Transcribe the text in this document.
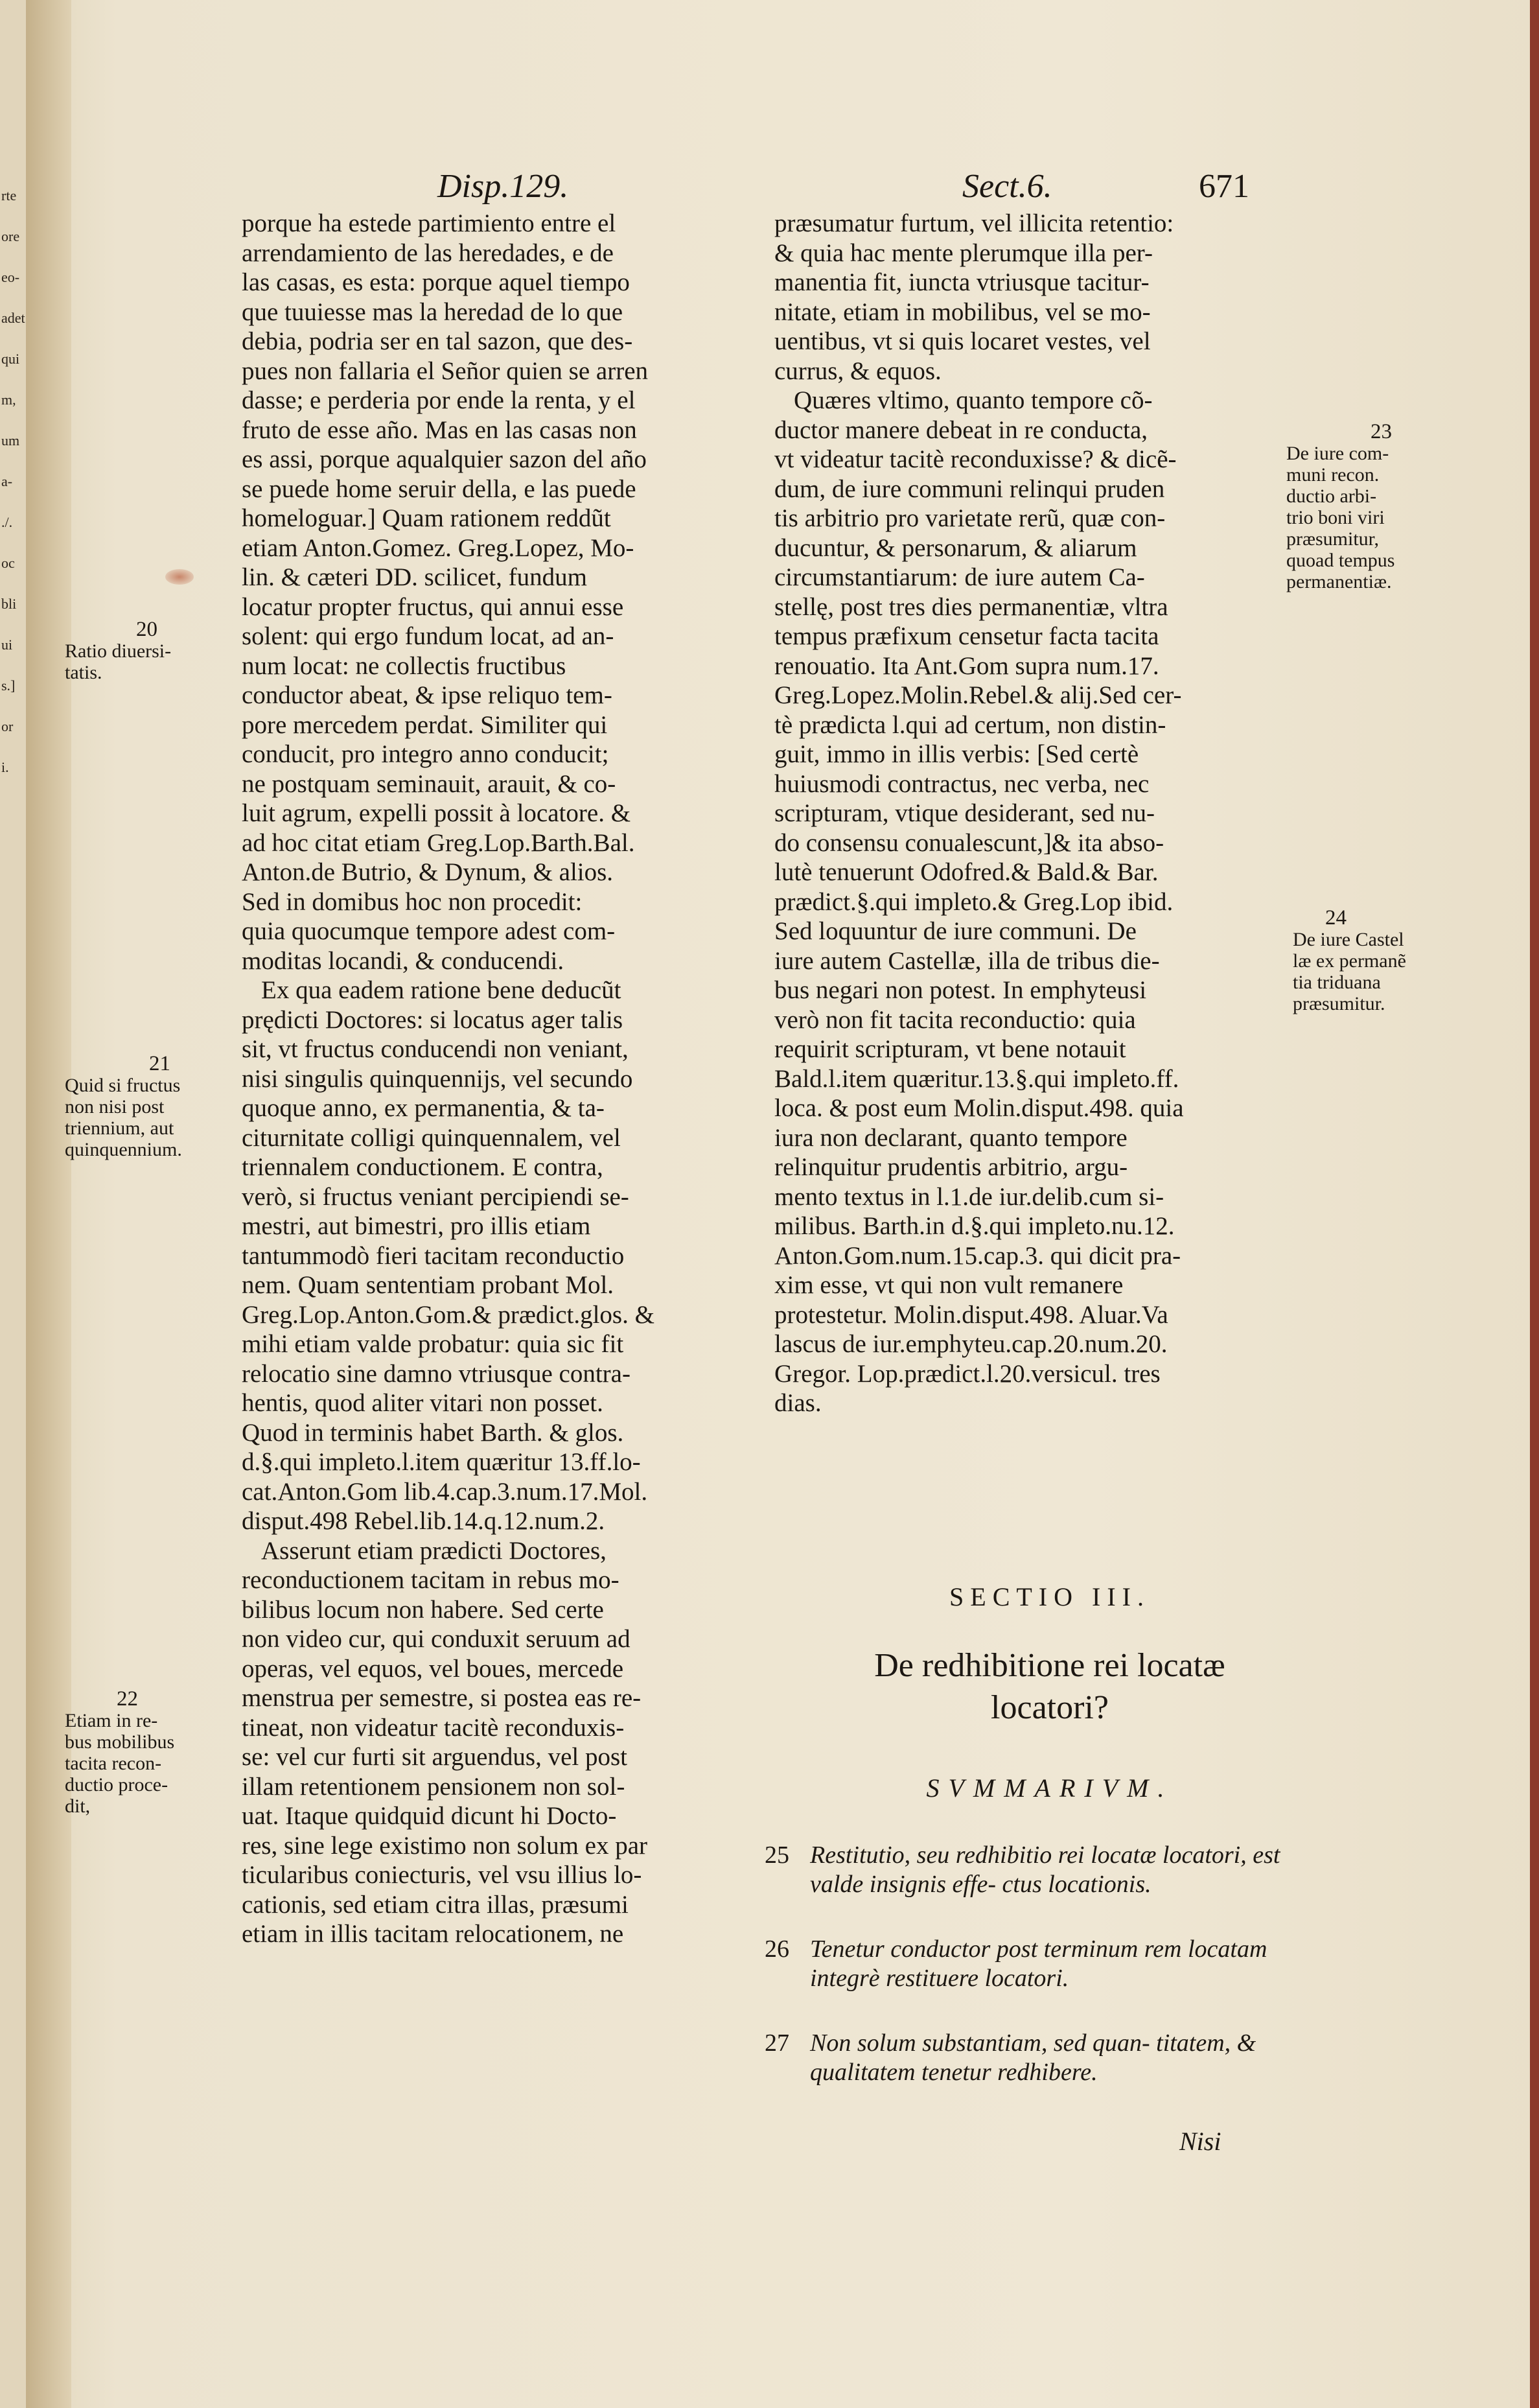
rte
ore
eo-
adet
qui
m,
um
a-
./.
oc
bli
ui
s.]
or
i.
Disp.129.	Sect.6.	671

porque ha estede partimiento entre el

arrendamiento de las heredades, e de

las casas, es esta: porque aquel tiempo

que tuuiesse mas la heredad de lo que

debia, podria ser en tal sazon, que des-

pues non fallaria el Señor quien se arren

dasse; e perderia por ende la renta, y el

fruto de esse año. Mas en las casas non

es assi, porque aqualquier sazon del año

se puede home seruir della, e las puede

homeloguar.] Quam rationem reddũt

etiam Anton.Gomez. Greg.Lopez, Mo-

lin. & cæteri DD. scilicet, fundum

locatur propter fructus, qui annui esse

solent: qui ergo fundum locat, ad an-

num locat: ne collectis fructibus

conductor abeat, & ipse reliquo tem-

pore mercedem perdat. Similiter qui

conducit, pro integro anno conducit;

ne postquam seminauit, arauit, & co-

luit agrum, expelli possit à locatore. &

ad hoc citat etiam Greg.Lop.Barth.Bal.

Anton.de Butrio, & Dynum, & alios.

Sed in domibus hoc non procedit:

quia quocumque tempore adest com-

moditas locandi, & conducendi.

Ex qua eadem ratione bene deducũt

prędicti Doctores: si locatus ager talis

sit, vt fructus conducendi non veniant,

nisi singulis quinquennijs, vel secundo

quoque anno, ex permanentia, & ta-

citurnitate colligi quinquennalem, vel

triennalem conductionem. E contra,

verò, si fructus veniant percipiendi se-

mestri, aut bimestri, pro illis etiam

tantummodò fieri tacitam reconductio

nem. Quam sententiam probant Mol.

Greg.Lop.Anton.Gom.& prædict.glos. &

mihi etiam valde probatur: quia sic fit

relocatio sine damno vtriusque contra-

hentis, quod aliter vitari non posset.

Quod in terminis habet Barth. & glos.

d.§.qui impleto.l.item quæritur 13.ff.lo-

cat.Anton.Gom lib.4.cap.3.num.17.Mol.

disput.498 Rebel.lib.14.q.12.num.2.

Asserunt etiam prædicti Doctores,

reconductionem tacitam in rebus mo-

bilibus locum non habere. Sed certe

non video cur, qui conduxit seruum ad

operas, vel equos, vel boues, mercede

menstrua per semestre, si postea eas re-

tineat, non videatur tacitè reconduxis-

se: vel cur furti sit arguendus, vel post

illam retentionem pensionem non sol-

uat. Itaque quidquid dicunt hi Docto-

res, sine lege existimo non solum ex par

ticularibus coniecturis, vel vsu illius lo-

cationis, sed etiam citra illas, præsumi

etiam in illis tacitam relocationem, ne

præsumatur furtum, vel illicita retentio:

& quia hac mente plerumque illa per-

manentia fit, iuncta vtriusque tacitur-

nitate, etiam in mobilibus, vel se mo-

uentibus, vt si quis locaret vestes, vel

currus, & equos.

Quæres vltimo, quanto tempore cõ-

ductor manere debeat in re conducta,

vt videatur tacitè reconduxisse? & dicẽ-

dum, de iure communi relinqui pruden

tis arbitrio pro varietate rerũ, quæ con-

ducuntur, & personarum, & aliarum

circumstantiarum: de iure autem Ca-

stellę, post tres dies permanentiæ, vltra

tempus præfixum censetur facta tacita

renouatio. Ita Ant.Gom supra num.17.

Greg.Lopez.Molin.Rebel.& alij.Sed cer-

tè prædicta l.qui ad certum, non distin-

guit, immo in illis verbis: [Sed certè

huiusmodi contractus, nec verba, nec

scripturam, vtique desiderant, sed nu-

do consensu conualescunt,]& ita abso-

lutè tenuerunt Odofred.& Bald.& Bar.

prædict.§.qui impleto.& Greg.Lop ibid.

Sed loquuntur de iure communi. De

iure autem Castellæ, illa de tribus die-

bus negari non potest. In emphyteusi

verò non fit tacita reconductio: quia

requirit scripturam, vt bene notauit

Bald.l.item quæritur.13.§.qui impleto.ff.

loca. & post eum Molin.disput.498. quia

iura non declarant, quanto tempore

relinquitur prudentis arbitrio, argu-

mento textus in l.1.de iur.delib.cum si-

milibus. Barth.in d.§.qui impleto.nu.12.

Anton.Gom.num.15.cap.3. qui dicit pra-

xim esse, vt qui non vult remanere

protestetur. Molin.disput.498. Aluar.Va

lascus de iur.emphyteu.cap.20.num.20.

Gregor. Lop.prædict.l.20.versicul. tres

dias.

20
Ratio diuersi-
tatis.
21
Quid si fructus
non nisi post
triennium, aut
quinquennium.
22
Etiam in re-
bus mobilibus
tacita recon-
ductio proce-
dit,
23
De iure com-
muni recon.
ductio arbi-
trio boni viri
præsumitur,
quoad tempus
permanentiæ.
24
De iure Castel
læ ex permanẽ
tia triduana
præsumitur.
SECTIO III.
De redhibitione rei locatæ
locatori?
SVMMARIVM.
25 Restitutio, seu redhibitio rei locatæ locatori, est valde insignis effe- ctus locationis.
26 Tenetur conductor post terminum rem locatam integrè restituere locatori.
27 Non solum substantiam, sed quan- titatem, & qualitatem tenetur redhibere.
Nisi
